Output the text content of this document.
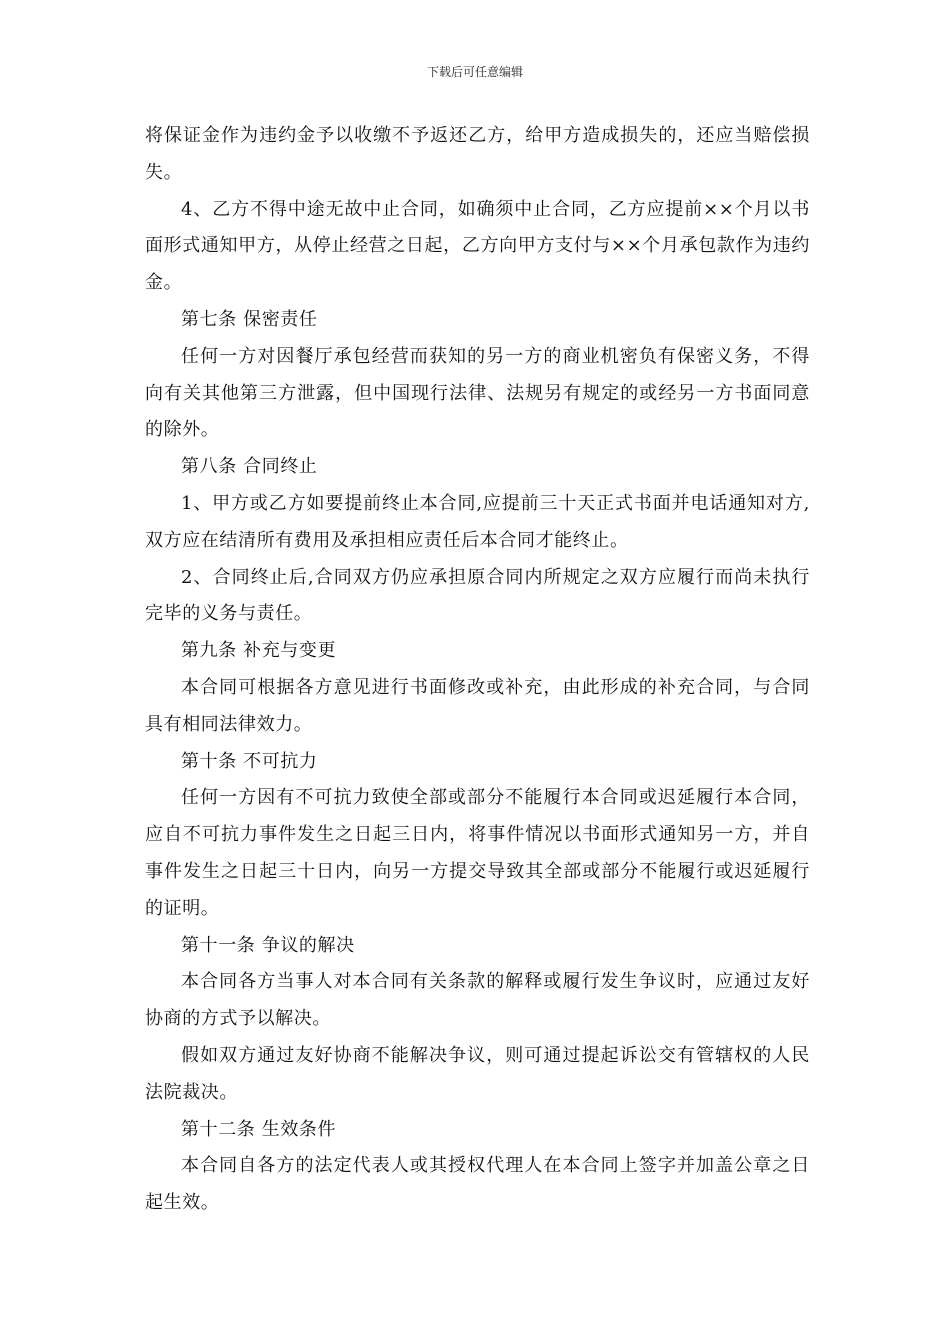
下载后可任意编辑

将保证金作为违约金予以收缴不予返还乙方，给甲方造成损失的，还应当赔偿损失。

4、乙方不得中途无故中止合同，如确须中止合同，乙方应提前××个月以书面形式通知甲方，从停止经营之日起，乙方向甲方支付与××个月承包款作为违约金。

第七条 保密责任

任何一方对因餐厅承包经营而获知的另一方的商业机密负有保密义务，不得向有关其他第三方泄露，但中国现行法律、法规另有规定的或经另一方书面同意的除外。

第八条 合同终止

1、甲方或乙方如要提前终止本合同,应提前三十天正式书面并电话通知对方,双方应在结清所有费用及承担相应责任后本合同才能终止。

2、合同终止后,合同双方仍应承担原合同内所规定之双方应履行而尚未执行完毕的义务与责任。

第九条 补充与变更

本合同可根据各方意见进行书面修改或补充，由此形成的补充合同，与合同具有相同法律效力。

第十条 不可抗力

任何一方因有不可抗力致使全部或部分不能履行本合同或迟延履行本合同，应自不可抗力事件发生之日起三日内，将事件情况以书面形式通知另一方，并自事件发生之日起三十日内，向另一方提交导致其全部或部分不能履行或迟延履行的证明。

第十一条 争议的解决

本合同各方当事人对本合同有关条款的解释或履行发生争议时，应通过友好协商的方式予以解决。

假如双方通过友好协商不能解决争议，则可通过提起诉讼交有管辖权的人民法院裁决。

第十二条 生效条件

本合同自各方的法定代表人或其授权代理人在本合同上签字并加盖公章之日起生效。
